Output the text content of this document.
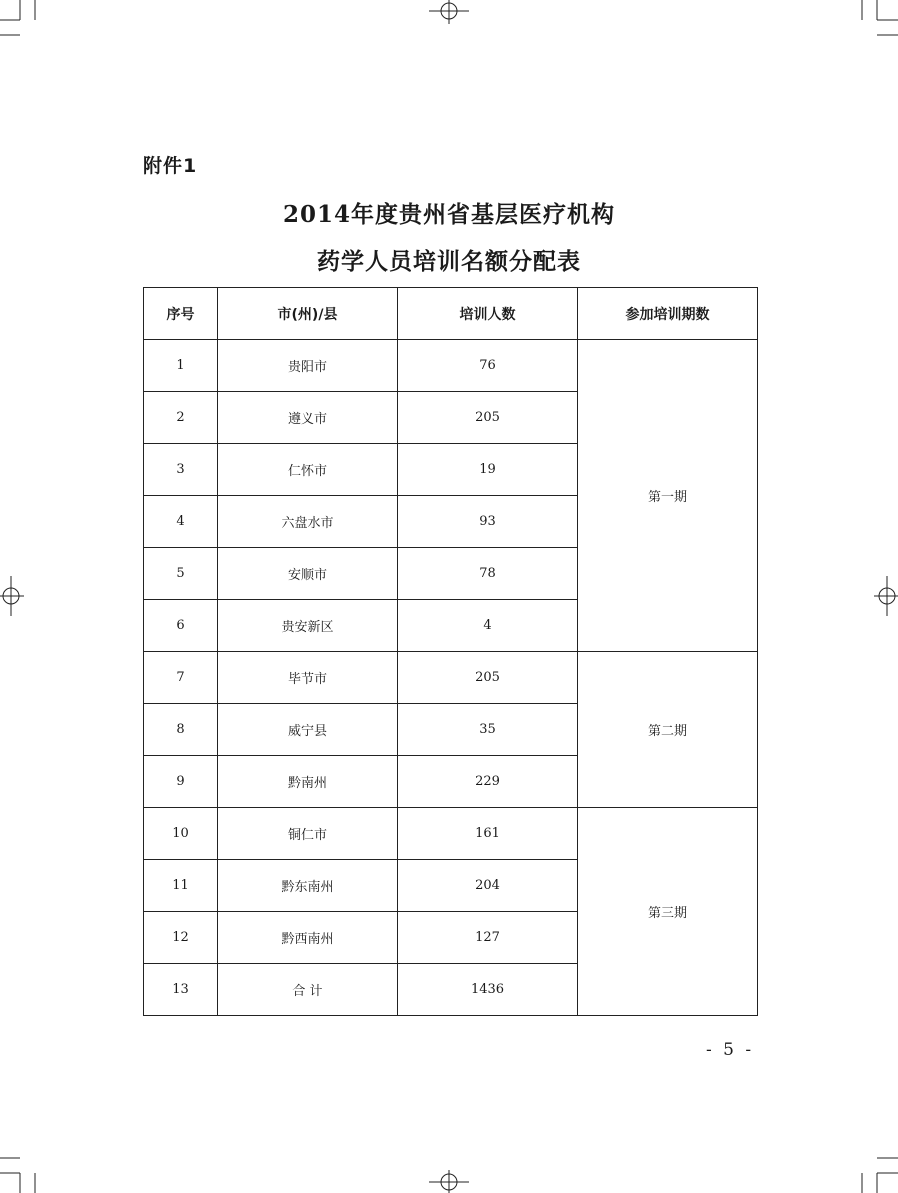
附件1
2014年度贵州省基层医疗机构
药学人员培训名额分配表
序号	市(州)/县	培训人数	参加培训期数
1	贵阳市	76	第一期
2	遵义市	205	
3	仁怀市	19	
4	六盘水市	93	
5	安顺市	78	
6	贵安新区	4	
7	毕节市	205	第二期
8	威宁县	35	
9	黔南州	229	
10	铜仁市	161	第三期
11	黔东南州	204	
12	黔西南州	127	
13	合 计	1436	
- 5 -
